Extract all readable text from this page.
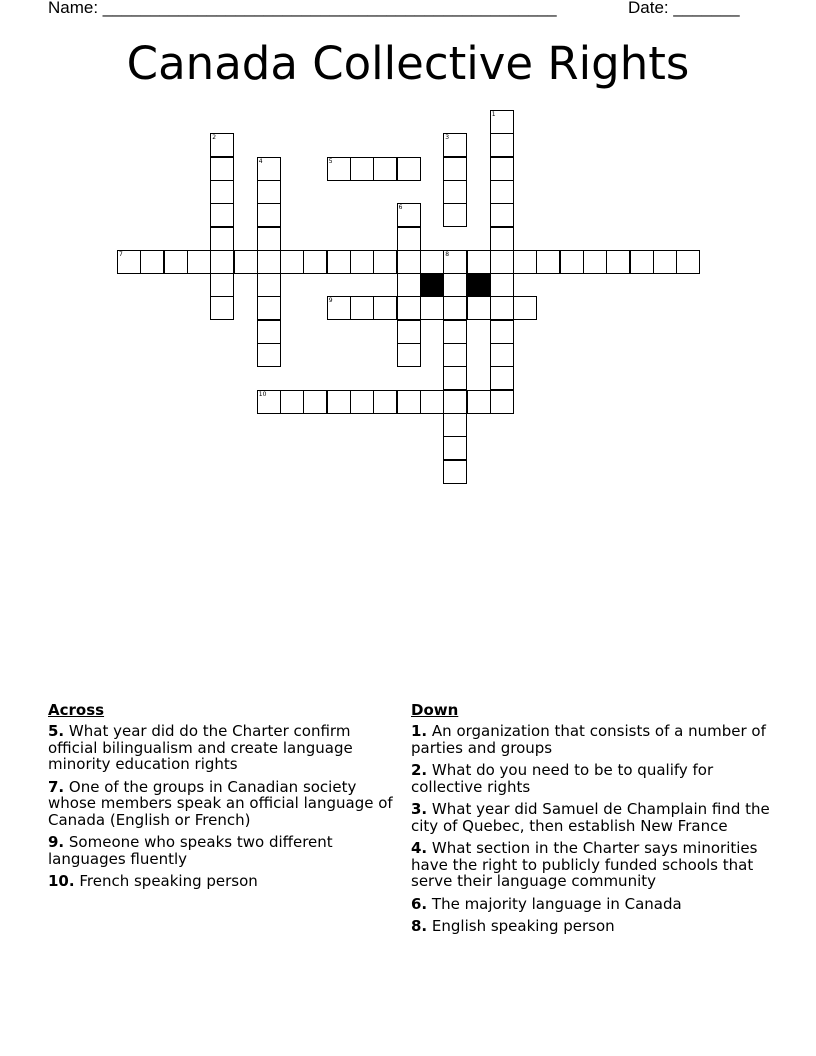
Name: ________________________________________________	Date: _______
Canada Collective Rights
1
2	3
4	5
6
7	8
9
10
Across
5. What year did do the Charter confirm official bilingualism and create language minority education rights
7. One of the groups in Canadian society whose members speak an official language of Canada (English or French)
9. Someone who speaks two different languages fluently
10. French speaking person
Down
1. An organization that consists of a number of parties and groups
2. What do you need to be to qualify for collective rights
3. What year did Samuel de Champlain find the city of Quebec, then establish New France
4. What section in the Charter says minorities have the right to publicly funded schools that serve their language community
6. The majority language in Canada
8. English speaking person
